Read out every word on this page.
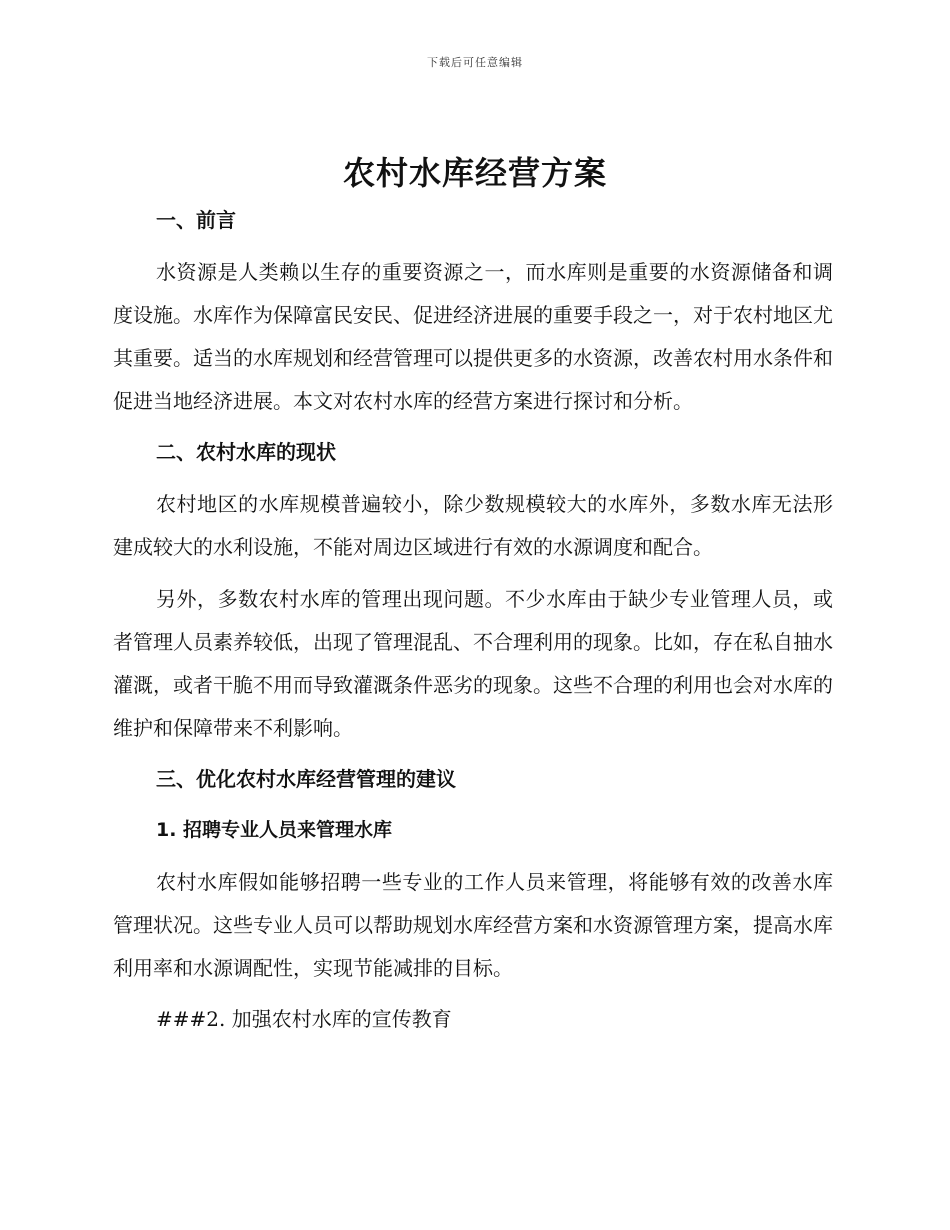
下载后可任意编辑
农村水库经营方案
一、前言

水资源是人类赖以生存的重要资源之一，而水库则是重要的水资源储备和调度设施。水库作为保障富民安民、促进经济进展的重要手段之一，对于农村地区尤其重要。适当的水库规划和经营管理可以提供更多的水资源，改善农村用水条件和促进当地经济进展。本文对农村水库的经营方案进行探讨和分析。

二、农村水库的现状

农村地区的水库规模普遍较小，除少数规模较大的水库外，多数水库无法形建成较大的水利设施，不能对周边区域进行有效的水源调度和配合。

另外，多数农村水库的管理出现问题。不少水库由于缺少专业管理人员，或者管理人员素养较低，出现了管理混乱、不合理利用的现象。比如，存在私自抽水灌溉，或者干脆不用而导致灌溉条件恶劣的现象。这些不合理的利用也会对水库的维护和保障带来不利影响。

三、优化农村水库经营管理的建议
1. 招聘专业人员来管理水库

农村水库假如能够招聘一些专业的工作人员来管理，将能够有效的改善水库管理状况。这些专业人员可以帮助规划水库经营方案和水资源管理方案，提高水库利用率和水源调配性，实现节能减排的目标。

###2. 加强农村水库的宣传教育
